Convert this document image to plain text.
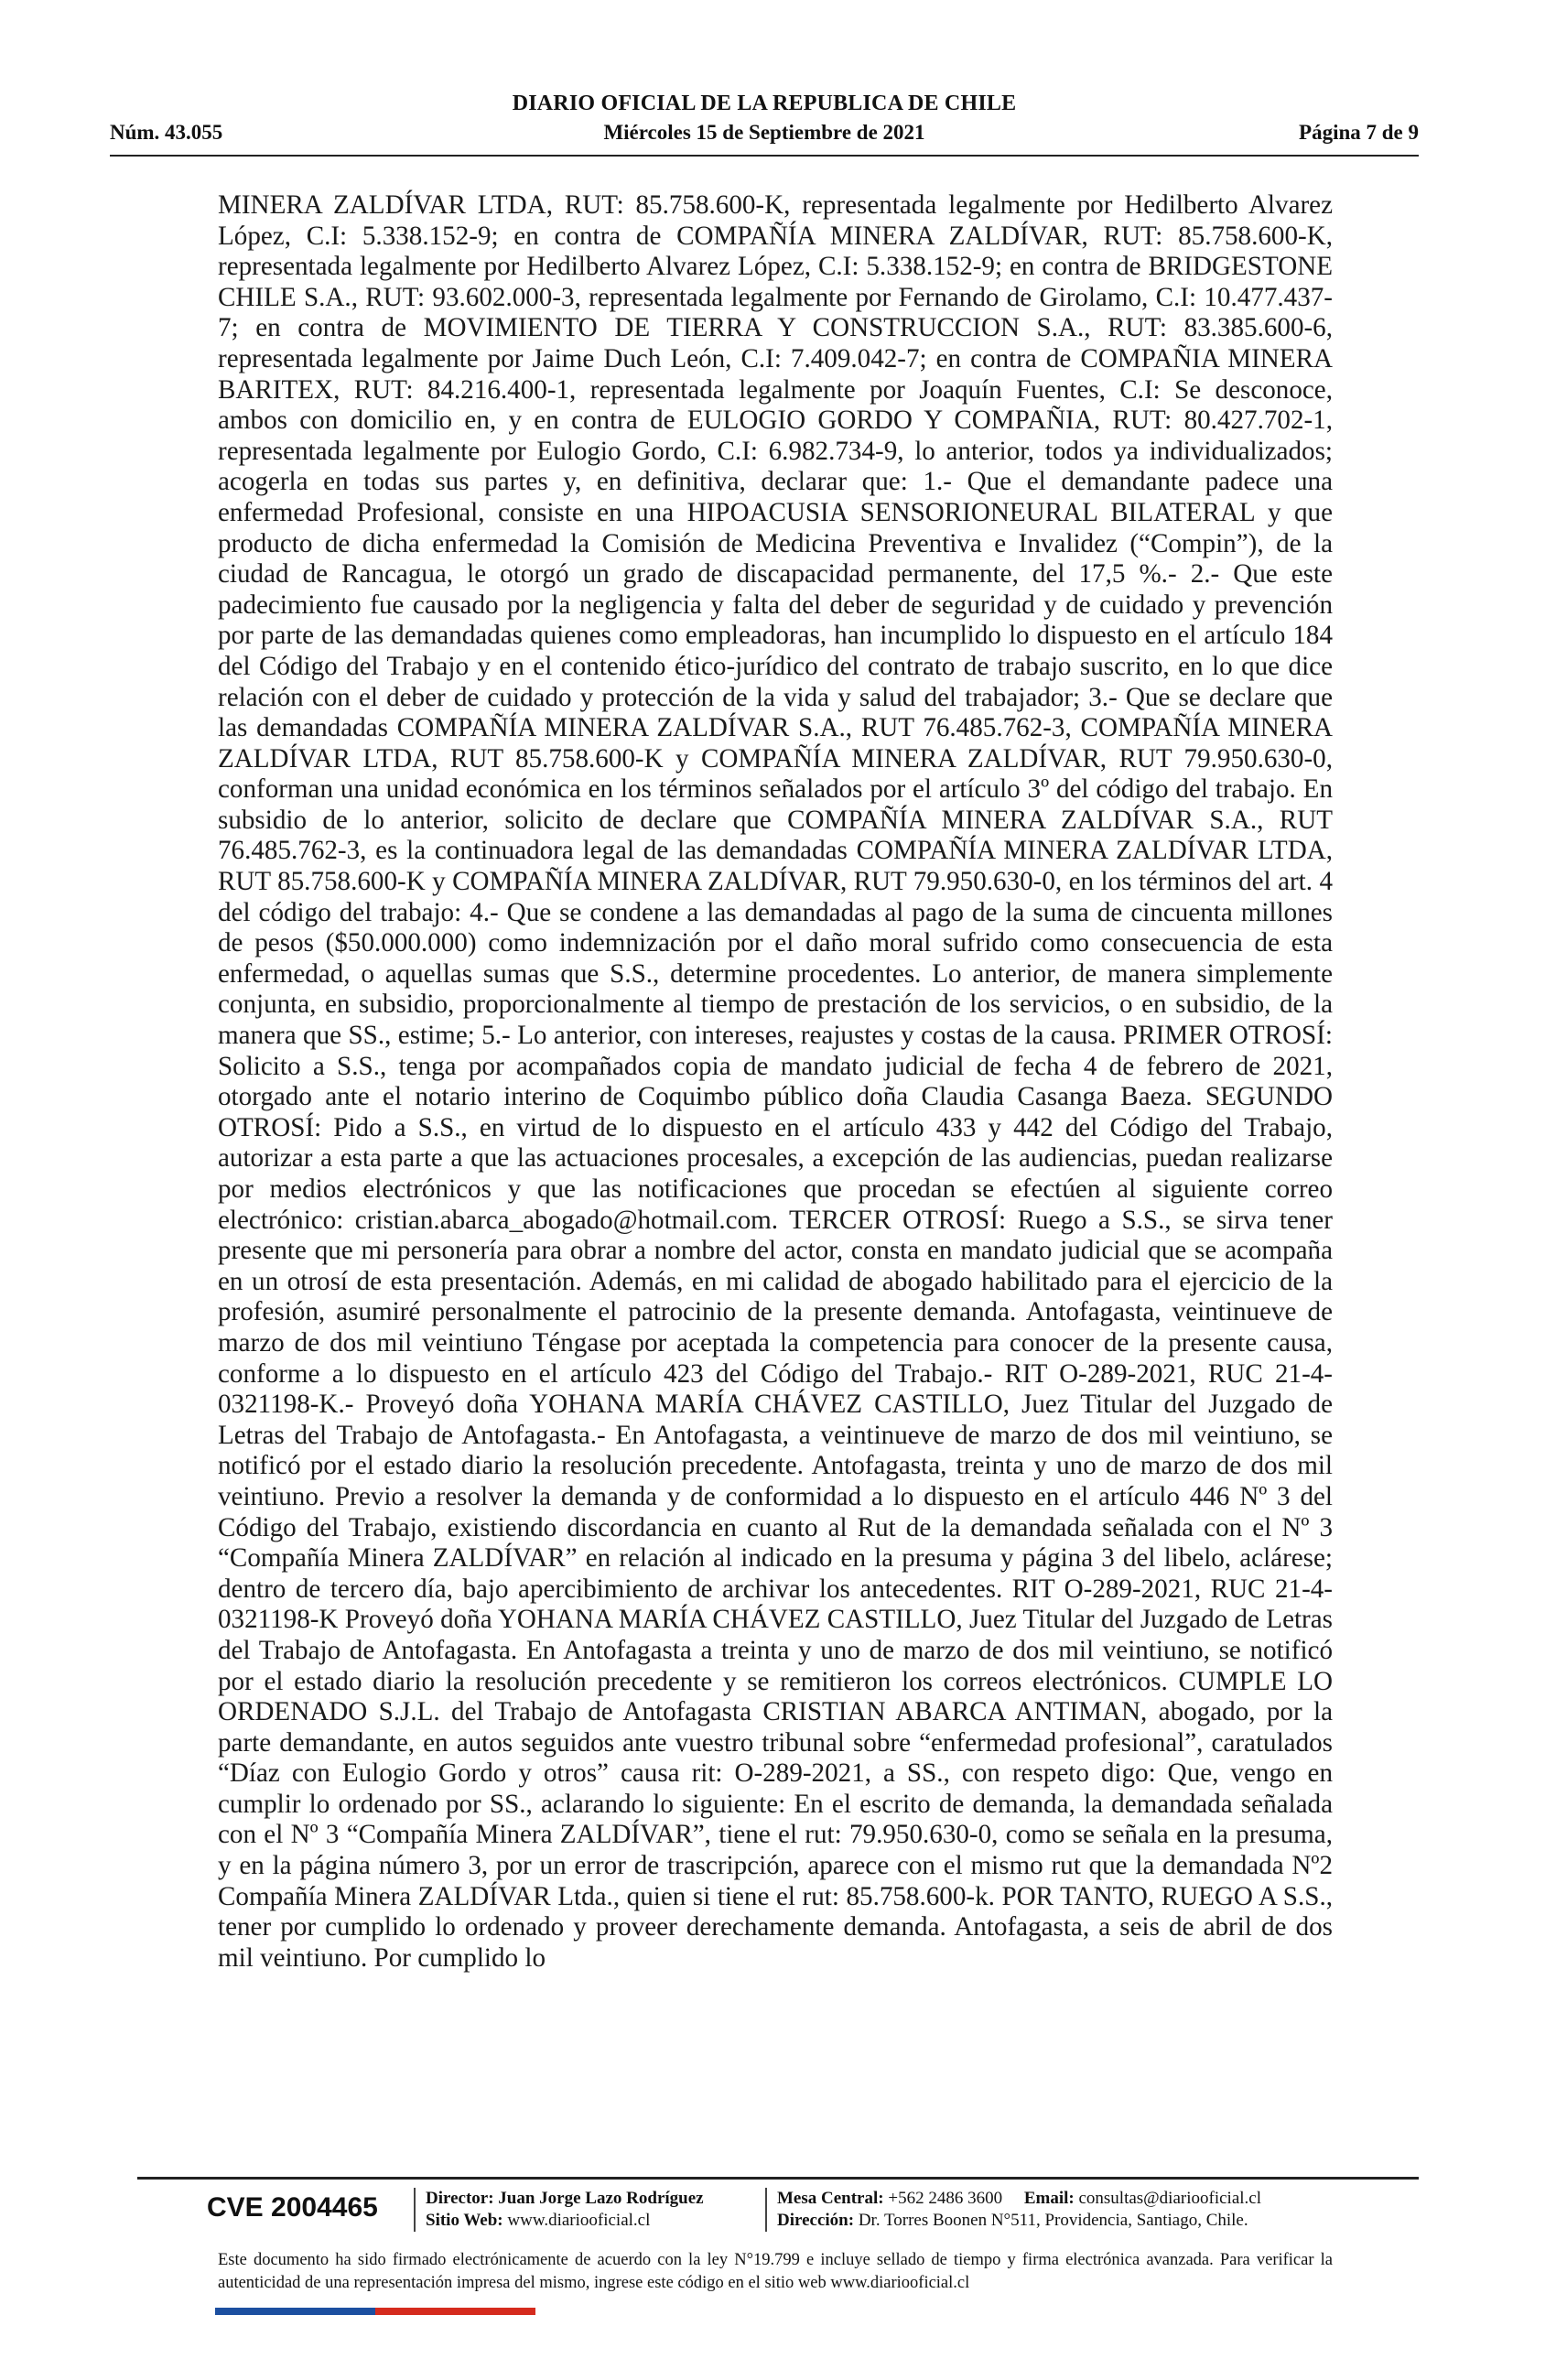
DIARIO OFICIAL DE LA REPUBLICA DE CHILE
Núm. 43.055	Miércoles 15 de Septiembre de 2021	Página 7 de 9
MINERA ZALDÍVAR LTDA, RUT: 85.758.600-K, representada legalmente por Hedilberto Alvarez López, C.I: 5.338.152-9; en contra de COMPAÑÍA MINERA ZALDÍVAR, RUT: 85.758.600-K, representada legalmente por Hedilberto Alvarez López, C.I: 5.338.152-9; en contra de BRIDGESTONE CHILE S.A., RUT: 93.602.000-3, representada legalmente por Fernando de Girolamo, C.I: 10.477.437-7; en contra de MOVIMIENTO DE TIERRA Y CONSTRUCCION S.A., RUT: 83.385.600-6, representada legalmente por Jaime Duch León, C.I: 7.409.042-7; en contra de COMPAÑIA MINERA BARITEX, RUT: 84.216.400-1, representada legalmente por Joaquín Fuentes, C.I: Se desconoce, ambos con domicilio en, y en contra de EULOGIO GORDO Y COMPAÑIA, RUT: 80.427.702-1, representada legalmente por Eulogio Gordo, C.I: 6.982.734-9, lo anterior, todos ya individualizados; acogerla en todas sus partes y, en definitiva, declarar que: 1.- Que el demandante padece una enfermedad Profesional, consiste en una HIPOACUSIA SENSORIONEURAL BILATERAL y que producto de dicha enfermedad la Comisión de Medicina Preventiva e Invalidez (“Compin”), de la ciudad de Rancagua, le otorgó un grado de discapacidad permanente, del 17,5 %.- 2.- Que este padecimiento fue causado por la negligencia y falta del deber de seguridad y de cuidado y prevención por parte de las demandadas quienes como empleadoras, han incumplido lo dispuesto en el artículo 184 del Código del Trabajo y en el contenido ético-jurídico del contrato de trabajo suscrito, en lo que dice relación con el deber de cuidado y protección de la vida y salud del trabajador; 3.- Que se declare que las demandadas COMPAÑÍA MINERA ZALDÍVAR S.A., RUT 76.485.762-3, COMPAÑÍA MINERA ZALDÍVAR LTDA, RUT 85.758.600-K y COMPAÑÍA MINERA ZALDÍVAR, RUT 79.950.630-0, conforman una unidad económica en los términos señalados por el artículo 3º del código del trabajo. En subsidio de lo anterior, solicito de declare que COMPAÑÍA MINERA ZALDÍVAR S.A., RUT 76.485.762-3, es la continuadora legal de las demandadas COMPAÑÍA MINERA ZALDÍVAR LTDA, RUT 85.758.600-K y COMPAÑÍA MINERA ZALDÍVAR, RUT 79.950.630-0, en los términos del art. 4 del código del trabajo: 4.- Que se condene a las demandadas al pago de la suma de cincuenta millones de pesos ($50.000.000) como indemnización por el daño moral sufrido como consecuencia de esta enfermedad, o aquellas sumas que S.S., determine procedentes. Lo anterior, de manera simplemente conjunta, en subsidio, proporcionalmente al tiempo de prestación de los servicios, o en subsidio, de la manera que SS., estime; 5.- Lo anterior, con intereses, reajustes y costas de la causa. PRIMER OTROSÍ: Solicito a S.S., tenga por acompañados copia de mandato judicial de fecha 4 de febrero de 2021, otorgado ante el notario interino de Coquimbo público doña Claudia Casanga Baeza. SEGUNDO OTROSÍ: Pido a S.S., en virtud de lo dispuesto en el artículo 433 y 442 del Código del Trabajo, autorizar a esta parte a que las actuaciones procesales, a excepción de las audiencias, puedan realizarse por medios electrónicos y que las notificaciones que procedan se efectúen al siguiente correo electrónico: cristian.abarca_abogado@hotmail.com. TERCER OTROSÍ: Ruego a S.S., se sirva tener presente que mi personería para obrar a nombre del actor, consta en mandato judicial que se acompaña en un otrosí de esta presentación. Además, en mi calidad de abogado habilitado para el ejercicio de la profesión, asumiré personalmente el patrocinio de la presente demanda. Antofagasta, veintinueve de marzo de dos mil veintiuno Téngase por aceptada la competencia para conocer de la presente causa, conforme a lo dispuesto en el artículo 423 del Código del Trabajo.- RIT O-289-2021, RUC 21-4-0321198-K.- Proveyó doña YOHANA MARÍA CHÁVEZ CASTILLO, Juez Titular del Juzgado de Letras del Trabajo de Antofagasta.- En Antofagasta, a veintinueve de marzo de dos mil veintiuno, se notificó por el estado diario la resolución precedente. Antofagasta, treinta y uno de marzo de dos mil veintiuno. Previo a resolver la demanda y de conformidad a lo dispuesto en el artículo 446 Nº 3 del Código del Trabajo, existiendo discordancia en cuanto al Rut de la demandada señalada con el Nº 3 “Compañía Minera ZALDÍVAR” en relación al indicado en la presuma y página 3 del libelo, aclárese; dentro de tercero día, bajo apercibimiento de archivar los antecedentes. RIT O-289-2021, RUC 21-4-0321198-K Proveyó doña YOHANA MARÍA CHÁVEZ CASTILLO, Juez Titular del Juzgado de Letras del Trabajo de Antofagasta. En Antofagasta a treinta y uno de marzo de dos mil veintiuno, se notificó por el estado diario la resolución precedente y se remitieron los correos electrónicos. CUMPLE LO ORDENADO S.J.L. del Trabajo de Antofagasta CRISTIAN ABARCA ANTIMAN, abogado, por la parte demandante, en autos seguidos ante vuestro tribunal sobre “enfermedad profesional”, caratulados “Díaz con Eulogio Gordo y otros” causa rit: O-289-2021, a SS., con respeto digo: Que, vengo en cumplir lo ordenado por SS., aclarando lo siguiente: En el escrito de demanda, la demandada señalada con el Nº 3 “Compañía Minera ZALDÍVAR”, tiene el rut: 79.950.630-0, como se señala en la presuma, y en la página número 3, por un error de trascripción, aparece con el mismo rut que la demandada Nº2 Compañía Minera ZALDÍVAR Ltda., quien si tiene el rut: 85.758.600-k. POR TANTO, RUEGO A S.S., tener por cumplido lo ordenado y proveer derechamente demanda. Antofagasta, a seis de abril de dos mil veintiuno. Por cumplido lo
CVE 2004465	Director: Juan Jorge Lazo Rodríguez
Sitio Web: www.diariooficial.cl
Mesa Central: +562 2486 3600 Email: consultas@diariooficial.cl
Dirección: Dr. Torres Boonen N°511, Providencia, Santiago, Chile.
Este documento ha sido firmado electrónicamente de acuerdo con la ley N°19.799 e incluye sellado de tiempo y firma electrónica avanzada. Para verificar la autenticidad de una representación impresa del mismo, ingrese este código en el sitio web www.diariooficial.cl
